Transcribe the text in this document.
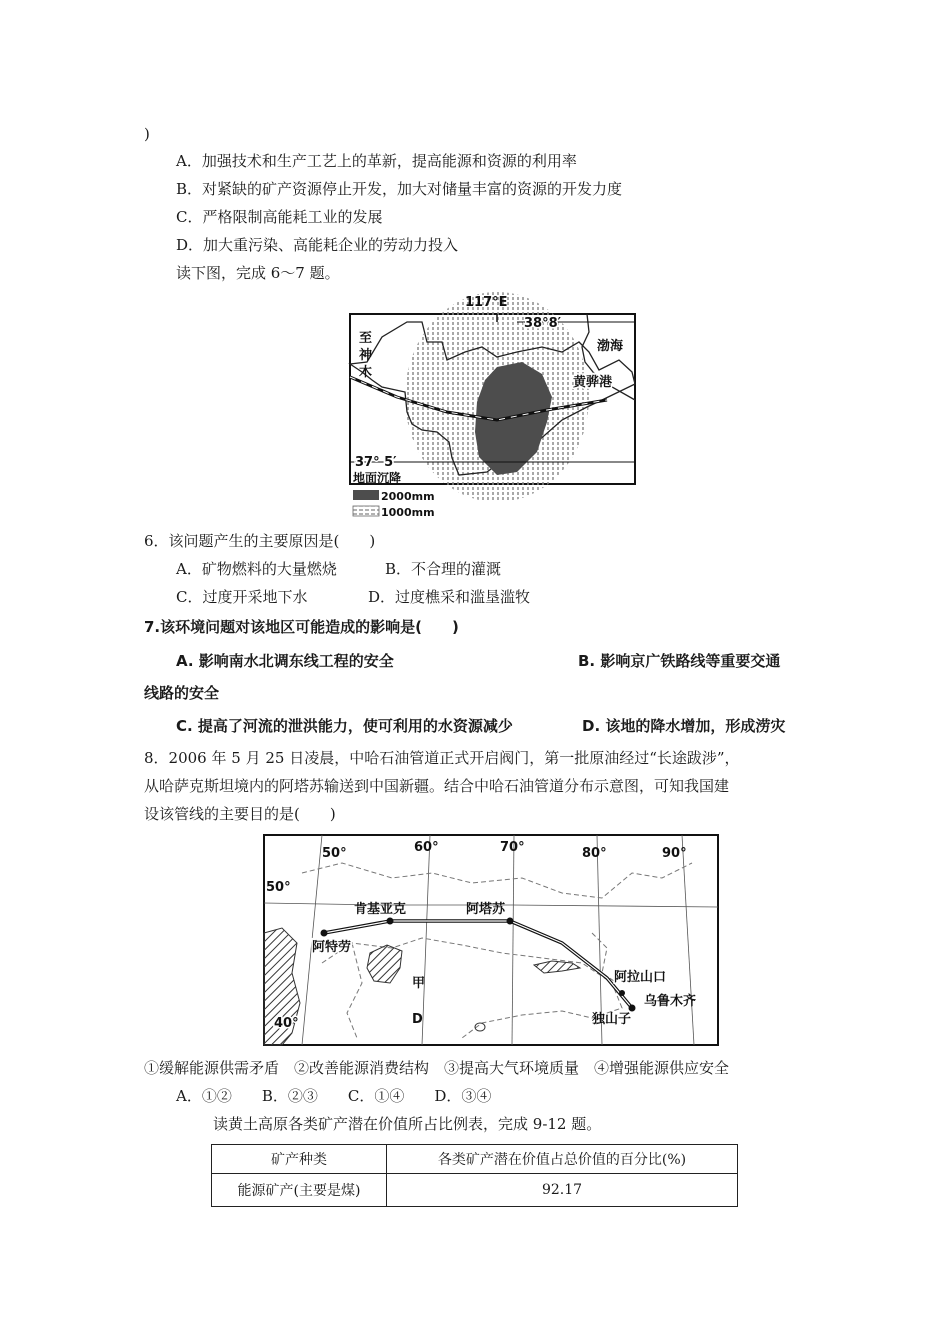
)
A．加强技术和生产工艺上的革新，提高能源和资源的利用率
B．对紧缺的矿产资源停止开发，加大对储量丰富的资源的开发力度
C．严格限制高能耗工业的发展
D．加大重污染、高能耗企业的劳动力投入
读下图，完成 6～7 题。
117°E
38°8′
37° 5′
渤海
黄骅港
至
神
木
地面沉降
2000mm
1000mm
6．该问题产生的主要原因是(　　)
A．矿物燃料的大量燃烧	B．不合理的灌溉
C．过度开采地下水	D．过度樵采和滥垦滥牧
7.该环境问题对该地区可能造成的影响是(　　)
A. 影响南水北调东线工程的安全	B. 影响京广铁路线等重要交通
线路的安全
C. 提高了河流的泄洪能力，使可利用的水资源减少	D. 该地的降水增加，形成涝灾
8．2006 年 5 月 25 日凌晨，中哈石油管道正式开启阀门，第一批原油经过“长途跋涉”，
从哈萨克斯坦境内的阿塔苏输送到中国新疆。结合中哈石油管道分布示意图，可知我国建
设该管线的主要目的是(　　)
50°	60°	70°	80°	90°
50°
40°
肯基亚克	阿塔苏
阿特劳
阿拉山口
乌鲁木齐
独山子
甲
D
①缓解能源供需矛盾　②改善能源消费结构　③提高大气环境质量　④增强能源供应安全
A．①②　　B．②③　　C．①④　　D．③④
读黄土高原各类矿产潜在价值所占比例表，完成 9-12 题。
矿产种类	各类矿产潜在价值占总价值的百分比(%)
能源矿产(主要是煤)	92.17
